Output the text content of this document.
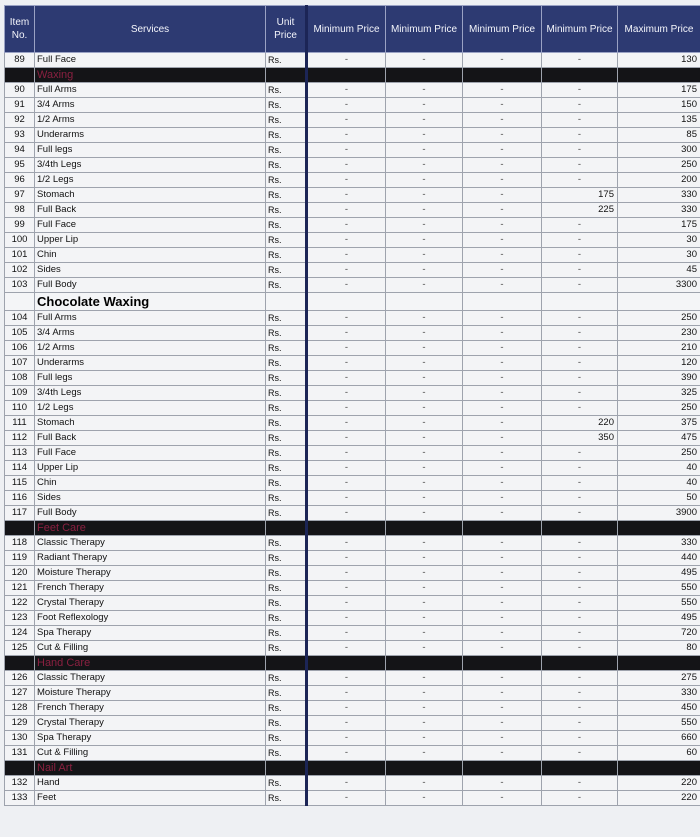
Item No.	Services	Unit Price	Minimum Price	Minimum Price	Minimum Price	Minimum Price	Maximum Price
89	Full Face	Rs.	-	-	-	-	130
	Waxing						
90	Full Arms	Rs.	-	-	-	-	175
91	3/4 Arms	Rs.	-	-	-	-	150
92	1/2 Arms	Rs.	-	-	-	-	135
93	Underarms	Rs.	-	-	-	-	85
94	Full legs	Rs.	-	-	-	-	300
95	3/4th Legs	Rs.	-	-	-	-	250
96	1/2 Legs	Rs.	-	-	-	-	200
97	Stomach	Rs.	-	-	-	175	330
98	Full Back	Rs.	-	-	-	225	330
99	Full Face	Rs.	-	-	-	-	175
100	Upper Lip	Rs.	-	-	-	-	30
101	Chin	Rs.	-	-	-	-	30
102	Sides	Rs.	-	-	-	-	45
103	Full Body	Rs.	-	-	-	-	3300
	Chocolate Waxing						
104	Full Arms	Rs.	-	-	-	-	250
105	3/4 Arms	Rs.	-	-	-	-	230
106	1/2 Arms	Rs.	-	-	-	-	210
107	Underarms	Rs.	-	-	-	-	120
108	Full legs	Rs.	-	-	-	-	390
109	3/4th Legs	Rs.	-	-	-	-	325
110	1/2 Legs	Rs.	-	-	-	-	250
111	Stomach	Rs.	-	-	-	220	375
112	Full Back	Rs.	-	-	-	350	475
113	Full Face	Rs.	-	-	-	-	250
114	Upper Lip	Rs.	-	-	-	-	40
115	Chin	Rs.	-	-	-	-	40
116	Sides	Rs.	-	-	-	-	50
117	Full Body	Rs.	-	-	-	-	3900
	Feet Care						
118	Classic Therapy	Rs.	-	-	-	-	330
119	Radiant Therapy	Rs.	-	-	-	-	440
120	Moisture Therapy	Rs.	-	-	-	-	495
121	French Therapy	Rs.	-	-	-	-	550
122	Crystal Therapy	Rs.	-	-	-	-	550
123	Foot Reflexology	Rs.	-	-	-	-	495
124	Spa Therapy	Rs.	-	-	-	-	720
125	Cut & Filling	Rs.	-	-	-	-	80
	Hand Care						
126	Classic Therapy	Rs.	-	-	-	-	275
127	Moisture Therapy	Rs.	-	-	-	-	330
128	French Therapy	Rs.	-	-	-	-	450
129	Crystal Therapy	Rs.	-	-	-	-	550
130	Spa Therapy	Rs.	-	-	-	-	660
131	Cut & Filling	Rs.	-	-	-	-	60
	Nail Art						
132	Hand	Rs.	-	-	-	-	220
133	Feet	Rs.	-	-	-	-	220
